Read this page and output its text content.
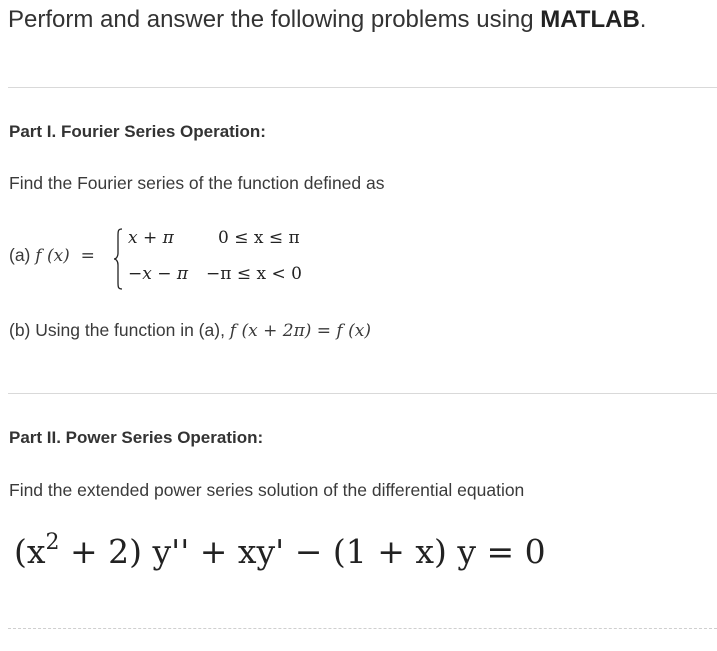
Perform and answer the following problems using MATLAB.
Part I. Fourier Series Operation:
Find the Fourier series of the function defined as
(a) f (x)  =
x + π	0 ≤ x ≤ π
−x − π −π ≤ x < 0
(b) Using the function in (a), f (x + 2π) = f (x)
Part II. Power Series Operation:
Find the extended power series solution of the differential equation
$(x^2 + 2) y'' + xy' - (1 + x) y = 0$
